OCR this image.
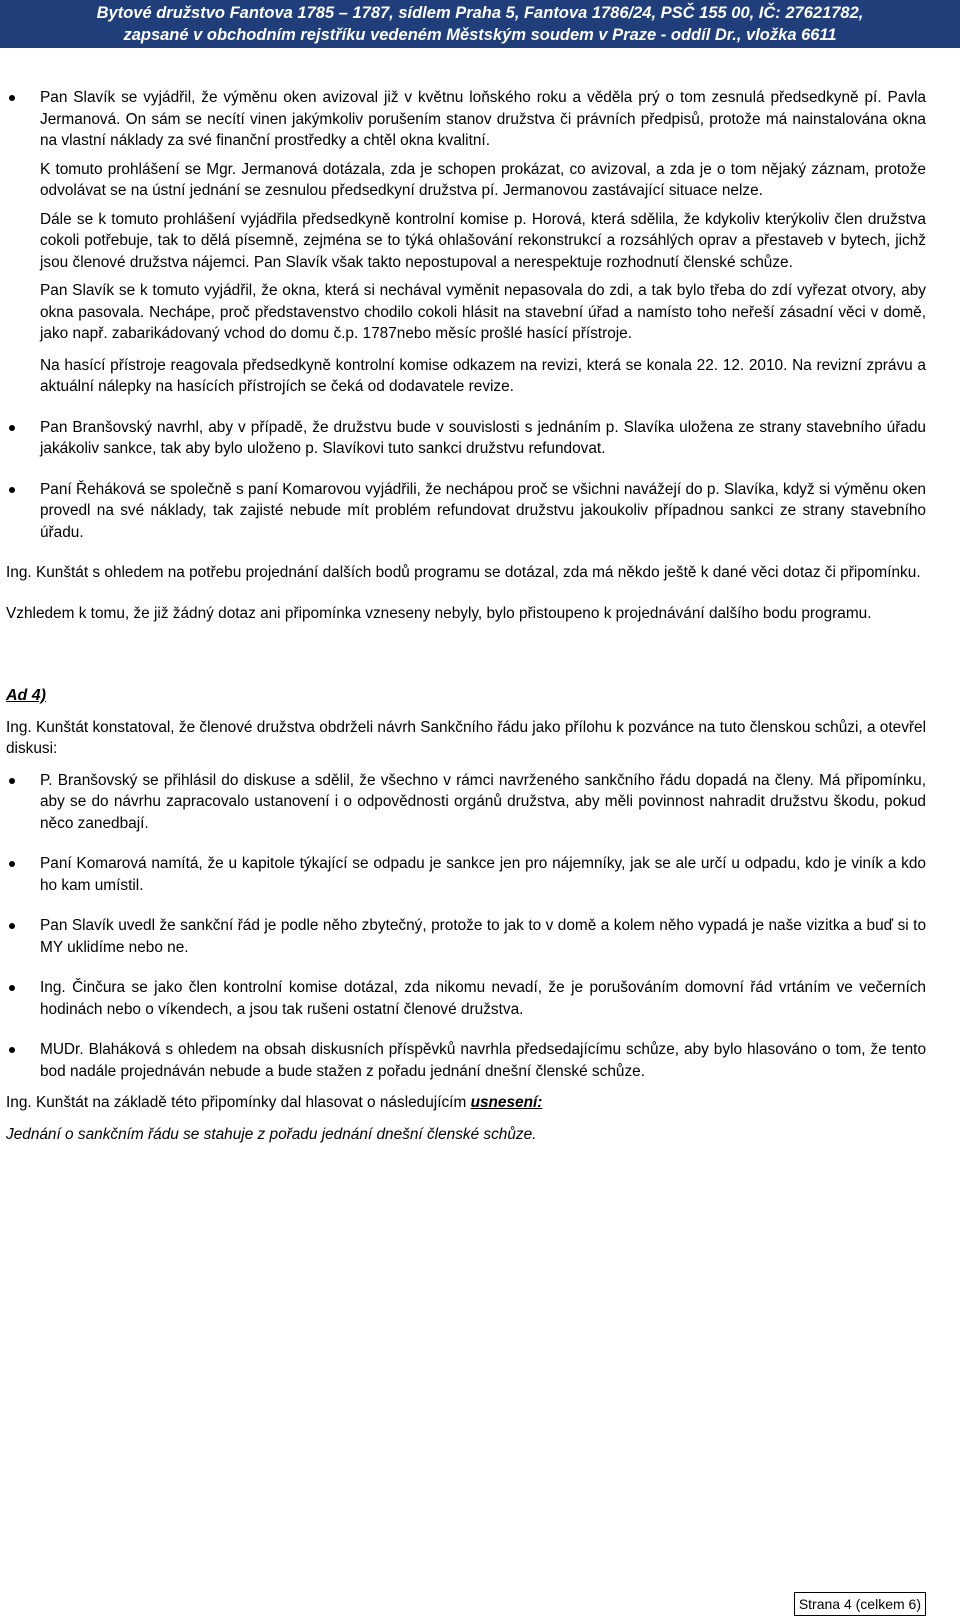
Bytové družstvo Fantova 1785 – 1787, sídlem Praha 5, Fantova 1786/24, PSČ 155 00, IČ: 27621782,
zapsané v obchodním rejstříku vedeném Městským soudem v Praze - oddíl Dr., vložka 6611

Pan Slavík se vyjádřil, že výměnu oken avizoval již v květnu loňského roku a věděla prý o tom zesnulá předsedkyně pí. Pavla Jermanová. On sám se necítí vinen jakýmkoliv porušením stanov družstva či právních předpisů, protože má nainstalována okna na vlastní náklady za své finanční prostředky a chtěl okna kvalitní.

K tomuto prohlášení se Mgr. Jermanová dotázala, zda je schopen prokázat, co avizoval, a zda je o tom nějaký záznam, protože odvolávat se na ústní jednání se zesnulou předsedkyní družstva pí. Jermanovou zastávající situace nelze.

Dále se k tomuto prohlášení vyjádřila předsedkyně kontrolní komise p. Horová, která sdělila, že kdykoliv kterýkoliv člen družstva cokoli potřebuje, tak to dělá písemně, zejména se to týká ohlašování rekonstrukcí a rozsáhlých oprav a přestaveb v bytech, jichž jsou členové družstva nájemci. Pan Slavík však takto nepostupoval a nerespektuje rozhodnutí členské schůze.

Pan Slavík se k tomuto vyjádřil, že okna, která si nechával vyměnit nepasovala do zdi, a tak bylo třeba do zdí vyřezat otvory, aby okna pasovala. Nechápe, proč představenstvo chodilo cokoli hlásit na stavební úřad a namísto toho neřeší zásadní věci v domě, jako např. zabarikádovaný vchod do domu č.p. 1787nebo měsíc prošlé hasící přístroje.

Na hasící přístroje reagovala předsedkyně kontrolní komise odkazem na revizi, která se konala 22. 12. 2010. Na revizní zprávu a aktuální nálepky na hasících přístrojích se čeká od dodavatele revize.

Pan Branšovský navrhl, aby v případě, že družstvu bude v souvislosti s jednáním p. Slavíka uložena ze strany stavebního úřadu jakákoliv sankce, tak aby bylo uloženo p. Slavíkovi tuto sankci družstvu refundovat.

Paní Řeháková se společně s paní Komarovou vyjádřili, že nechápou proč se všichni navážejí do p. Slavíka, když si výměnu oken provedl na své náklady, tak zajisté nebude mít problém refundovat družstvu jakoukoliv případnou sankci ze strany stavebního úřadu.

Ing. Kunštát s ohledem na potřebu projednání dalších bodů programu se dotázal, zda má někdo ještě k dané věci dotaz či připomínku.

Vzhledem k tomu, že již žádný dotaz ani připomínka vzneseny nebyly, bylo přistoupeno k projednávání dalšího bodu programu.

Ad 4)

Ing. Kunštát konstatoval, že členové družstva obdrželi návrh Sankčního řádu jako přílohu k pozvánce na tuto členskou schůzi, a otevřel diskusi:

P. Branšovský se přihlásil do diskuse a sdělil, že všechno v rámci navrženého sankčního řádu dopadá na členy. Má připomínku, aby se do návrhu zapracovalo ustanovení i o odpovědnosti orgánů družstva, aby měli povinnost nahradit družstvu škodu, pokud něco zanedbají.

Paní Komarová namítá, že u kapitole týkající se odpadu je sankce jen pro nájemníky, jak se ale určí u odpadu, kdo je viník a kdo ho kam umístil.

Pan Slavík uvedl že sankční řád je podle něho zbytečný, protože to jak to v domě a kolem něho vypadá je naše vizitka a buď si to MY uklidíme nebo ne.

Ing. Činčura se jako člen kontrolní komise dotázal, zda nikomu nevadí, že je porušováním domovní řád vrtáním ve večerních hodinách nebo o víkendech, a jsou tak rušeni ostatní členové družstva.

MUDr. Blaháková s ohledem na obsah diskusních příspěvků navrhla předsedajícímu schůze, aby bylo hlasováno o tom, že tento bod nadále projednáván nebude a bude stažen z pořadu jednání dnešní členské schůze.

Ing. Kunštát na základě této připomínky dal hlasovat o následujícím usnesení:

Jednání o sankčním řádu se stahuje z pořadu jednání dnešní členské schůze.

Strana 4 (celkem 6)
